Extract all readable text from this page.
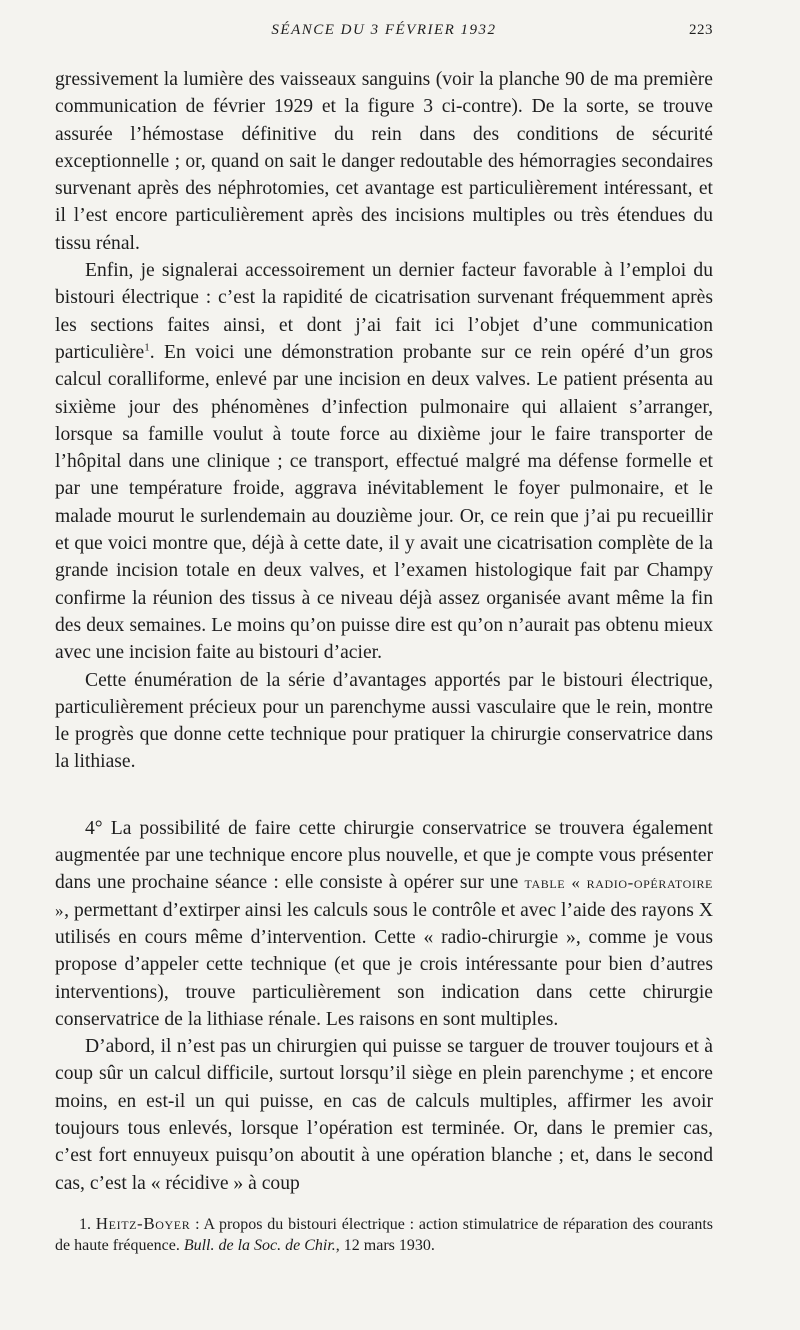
SÉANCE DU 3 FÉVRIER 1932	223

gressivement la lumière des vaisseaux sanguins (voir la planche 90 de ma première communication de février 1929 et la figure 3 ci-contre). De la sorte, se trouve assurée l’hémostase définitive du rein dans des conditions de sécurité exceptionnelle ; or, quand on sait le danger redoutable des hémorragies secondaires survenant après des néphrotomies, cet avantage est particulièrement intéressant, et il l’est encore particulièrement après des incisions multiples ou très étendues du tissu rénal.

Enfin, je signalerai accessoirement un dernier facteur favorable à l’emploi du bistouri électrique : c’est la rapidité de cicatrisation survenant fréquemment après les sections faites ainsi, et dont j’ai fait ici l’objet d’une communication particulière$^1$. En voici une démonstration probante sur ce rein opéré d’un gros calcul coralliforme, enlevé par une incision en deux valves. Le patient présenta au sixième jour des phénomènes d’infection pulmonaire qui allaient s’arranger, lorsque sa famille voulut à toute force au dixième jour le faire transporter de l’hôpital dans une clinique ; ce transport, effectué malgré ma défense formelle et par une température froide, aggrava inévitablement le foyer pulmonaire, et le malade mourut le surlendemain au douzième jour. Or, ce rein que j’ai pu recueillir et que voici montre que, déjà à cette date, il y avait une cicatrisation complète de la grande incision totale en deux valves, et l’examen histologique fait par Champy confirme la réunion des tissus à ce niveau déjà assez organisée avant même la fin des deux semaines. Le moins qu’on puisse dire est qu’on n’aurait pas obtenu mieux avec une incision faite au bistouri d’acier.

Cette énumération de la série d’avantages apportés par le bistouri électrique, particulièrement précieux pour un parenchyme aussi vasculaire que le rein, montre le progrès que donne cette technique pour pratiquer la chirurgie conservatrice dans la lithiase.

4° La possibilité de faire cette chirurgie conservatrice se trouvera également augmentée par une technique encore plus nouvelle, et que je compte vous présenter dans une prochaine séance : elle consiste à opérer sur une table « radio-opératoire », permettant d’extirper ainsi les calculs sous le contrôle et avec l’aide des rayons X utilisés en cours même d’intervention. Cette « radio-chirurgie », comme je vous propose d’appeler cette technique (et que je crois intéressante pour bien d’autres interventions), trouve particulièrement son indication dans cette chirurgie conservatrice de la lithiase rénale. Les raisons en sont multiples.

D’abord, il n’est pas un chirurgien qui puisse se targuer de trouver toujours et à coup sûr un calcul difficile, surtout lorsqu’il siège en plein parenchyme ; et encore moins, en est-il un qui puisse, en cas de calculs multiples, affirmer les avoir toujours tous enlevés, lorsque l’opération est terminée. Or, dans le premier cas, c’est fort ennuyeux puisqu’on aboutit à une opération blanche ; et, dans le second cas, c’est la « récidive » à coup

1. Heitz-Boyer : A propos du bistouri électrique : action stimulatrice de réparation des courants de haute fréquence. Bull. de la Soc. de Chir., 12 mars 1930.
